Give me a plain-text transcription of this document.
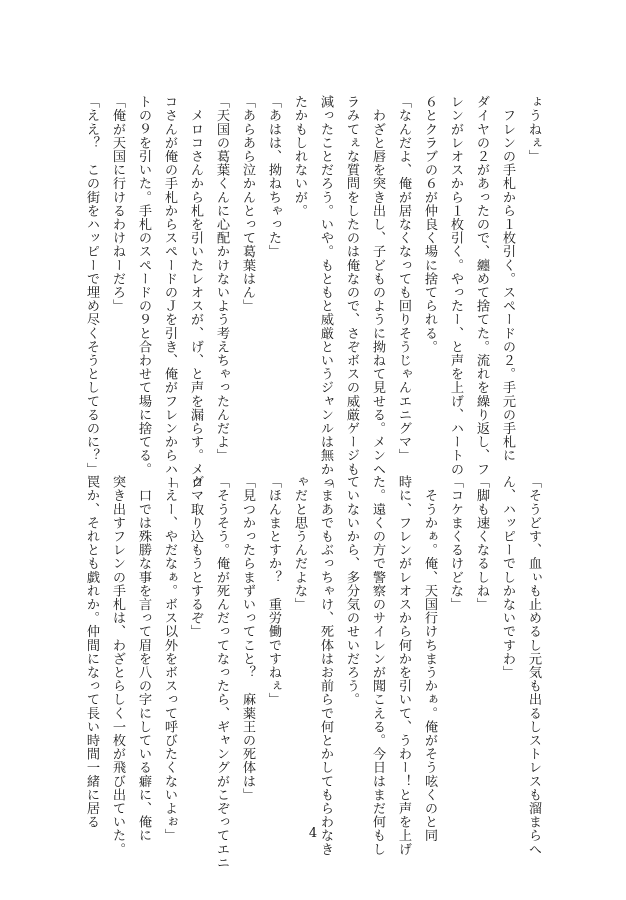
ょうねぇ」
　フレンの手札から１枚引く。スペードの２。手元の手札に
ダイヤの２があったので、纏めて捨てた。流れを繰り返し、フ
レンがレオスから１枚引く。やったー、と声を上げ、ハートの
６とクラブの６が仲良く場に捨てられる。
「なんだよ、俺が居なくなっても回りそうじゃんエニグマ」
　わざと唇を突き出し、子どものように拗ねて見せる。メンヘ
ラみてぇな質問をしたのは俺なので、さぞボスの威厳ゲージも
減ったことだろう。いや。もともと威厳というジャンルは無かっ
たかもしれないが。
「あはは、拗ねちゃった」
「あらあら泣かんとって葛葉はん」
「天国の葛葉くんに心配かけないよう考えちゃったんだよ」
　メロコさんから札を引いたレオスが、げ、と声を漏らす。メロ
コさんが俺の手札からスペードのＪを引き、俺がフレンからハー
トの９を引いた。手札のスペードの９と合わせて場に捨てる。
「俺が天国に行けるわけねーだろ」
「ええ？　この街をハッピーで埋め尽くそうとしてるのに？」
「そうどす、血ぃも止めるし元気も出るしストレスも溜まらへ
ん、ハッピーでしかないですわ」
「脚も速くなるしね」
「コケまくるけどな」
　そうかぁ。俺、天国行けちまうかぁ。俺がそう呟くのと同
時に、フレンがレオスから何かを引いて、うわー！と声を上げ
た。遠くの方で警察のサイレンが聞こえる。今日はまだ何もし
ていないから、多分気のせいだろう。
「まあでもぶっちゃけ、死体はお前らで何とかしてもらわなき
ゃだと思うんだよな」
「ほんまとすか？　重労働ですねぇ」
「見つかったらまずいってこと？　麻薬王の死体は」
「そうそう。俺が死んだってなったら、ギャングがこぞってエニ
グマ取り込もうとするぞ」
「えー、やだなぁ。ボス以外をボスって呼びたくないよぉ」
　口では殊勝な事を言って眉を八の字にしている癖に、俺に
突き出すフレンの手札は、わざとらしく一枚が飛び出ていた。
罠か、それとも戯れか。仲間になって長い時間一緒に居る
4
